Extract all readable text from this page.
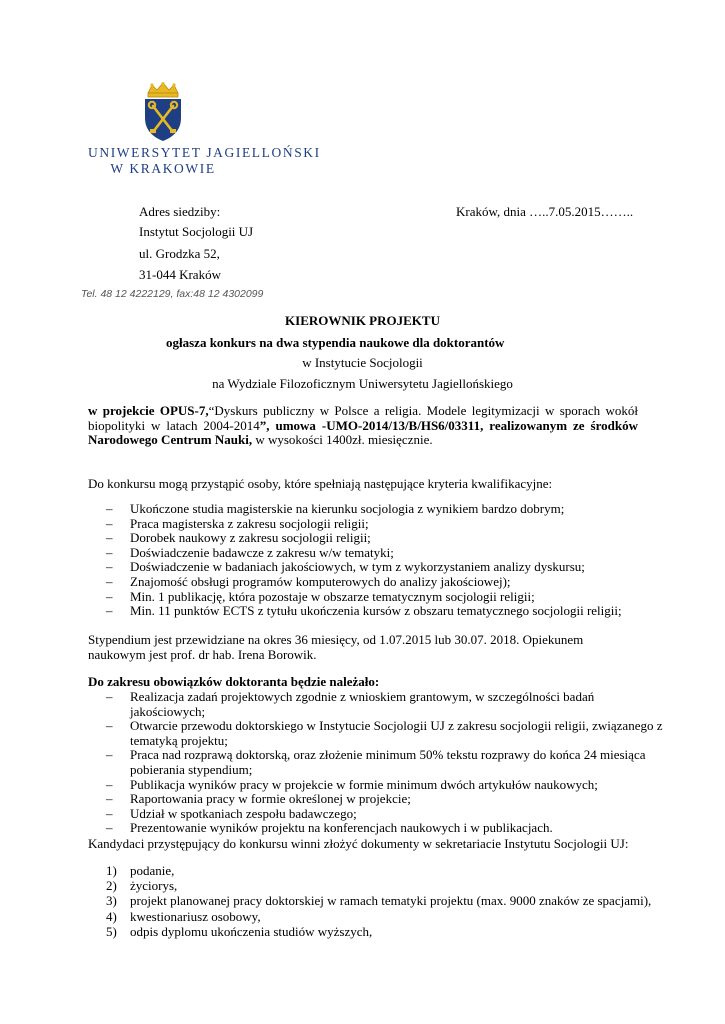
UNIWERSYTET JAGIELLOŃSKI
W KRAKOWIE
Adres siedziby:	Kraków, dnia …..7.05.2015……..
Instytut Socjologii UJ
ul. Grodzka 52,
31-044 Kraków
Tel. 48 12 4222129, fax:48 12 4302099
KIEROWNIK PROJEKTU
ogłasza konkurs na dwa stypendia naukowe dla doktorantów
w Instytucie Socjologii
na Wydziale Filozoficznym Uniwersytetu Jagiellońskiego
w projekcie OPUS-7,“Dyskurs publiczny w Polsce a religia. Modele legitymizacji w sporach wokół biopolityki w latach 2004-2014”, umowa -UMO-2014/13/B/HS6/03311, realizowanym ze środków Narodowego Centrum Nauki, w wysokości 1400zł. miesięcznie.
Do konkursu mogą przystąpić osoby, które spełniają następujące kryteria kwalifikacyjne:
– Ukończone studia magisterskie na kierunku socjologia z wynikiem bardzo dobrym;
– Praca magisterska z zakresu socjologii religii;
– Dorobek naukowy z zakresu socjologii religii;
– Doświadczenie badawcze z zakresu w/w tematyki;
– Doświadczenie w badaniach jakościowych, w tym z wykorzystaniem analizy dyskursu;
– Znajomość obsługi programów komputerowych do analizy jakościowej);
– Min. 1 publikację, która pozostaje w obszarze tematycznym socjologii religii;
– Min. 11 punktów ECTS z tytułu ukończenia kursów z obszaru tematycznego socjologii religii;
Stypendium jest przewidziane na okres 36 miesięcy, od 1.07.2015 lub 30.07. 2018. Opiekunem naukowym jest prof. dr hab. Irena Borowik.
Do zakresu obowiązków doktoranta będzie należało:
– Realizacja zadań projektowych zgodnie z wnioskiem grantowym, w szczególności badań jakościowych;
– Otwarcie przewodu doktorskiego w Instytucie Socjologii UJ z zakresu socjologii religii, związanego z tematyką projektu;
– Praca nad rozprawą doktorską, oraz złożenie minimum 50% tekstu rozprawy do końca 24 miesiąca pobierania stypendium;
– Publikacja wyników pracy w projekcie w formie minimum dwóch artykułów naukowych;
– Raportowania pracy w formie określonej w projekcie;
– Udział w spotkaniach zespołu badawczego;
– Prezentowanie wyników projektu na konferencjach naukowych i w publikacjach.
Kandydaci przystępujący do konkursu winni złożyć dokumenty w sekretariacie Instytutu Socjologii UJ:
1) podanie,
2) życiorys,
3) projekt planowanej pracy doktorskiej w ramach tematyki projektu (max. 9000 znaków ze spacjami),
4) kwestionariusz osobowy,
5) odpis dyplomu ukończenia studiów wyższych,
